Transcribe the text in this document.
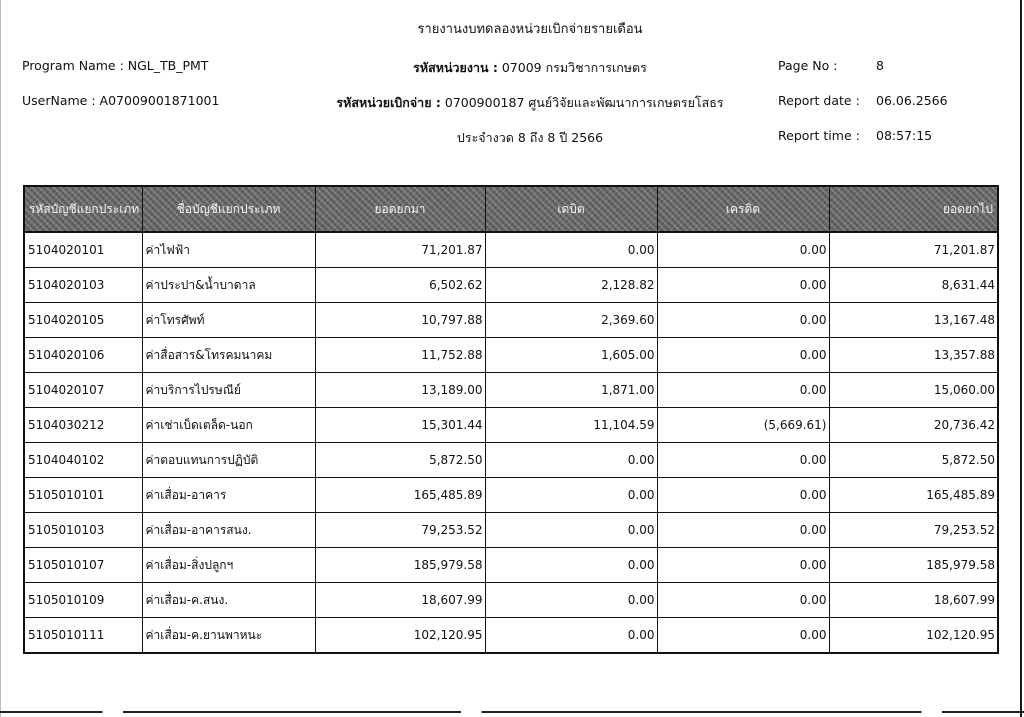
รายงานงบทดลองหน่วยเบิกจ่ายรายเดือน
Program Name : NGL_TB_PMT
UserName : A07009001871001
รหัสหน่วยงาน : 07009 กรมวิชาการเกษตร
รหัสหน่วยเบิกจ่าย : 0700900187 ศูนย์วิจัยและพัฒนาการเกษตรยโสธร
ประจำงวด 8 ถึง 8 ปี 2566
Page No :	8
Report date : 06.06.2566
Report time : 08:57:15
รหัสบัญชีแยกประเภท	ชื่อบัญชีแยกประเภท	ยอดยกมา	เดบิต	เครดิต	ยอดยกไป
5104020101	ค่าไฟฟ้า	71,201.87	0.00	0.00	71,201.87
5104020103	ค่าประปา&น้ำบาดาล	6,502.62	2,128.82	0.00	8,631.44
5104020105	ค่าโทรศัพท์	10,797.88	2,369.60	0.00	13,167.48
5104020106	ค่าสื่อสาร&โทรคมนาคม	11,752.88	1,605.00	0.00	13,357.88
5104020107	ค่าบริการไปรษณีย์	13,189.00	1,871.00	0.00	15,060.00
5104030212	ค่าเช่าเบ็ดเตล็ด-นอก	15,301.44	11,104.59	(5,669.61)	20,736.42
5104040102	ค่าตอบแทนการปฏิบัติ	5,872.50	0.00	0.00	5,872.50
5105010101	ค่าเสื่อม-อาคาร	165,485.89	0.00	0.00	165,485.89
5105010103	ค่าเสื่อม-อาคารสนง.	79,253.52	0.00	0.00	79,253.52
5105010107	ค่าเสื่อม-สิ่งปลูกฯ	185,979.58	0.00	0.00	185,979.58
5105010109	ค่าเสื่อม-ค.สนง.	18,607.99	0.00	0.00	18,607.99
5105010111	ค่าเสื่อม-ค.ยานพาหนะ	102,120.95	0.00	0.00	102,120.95
